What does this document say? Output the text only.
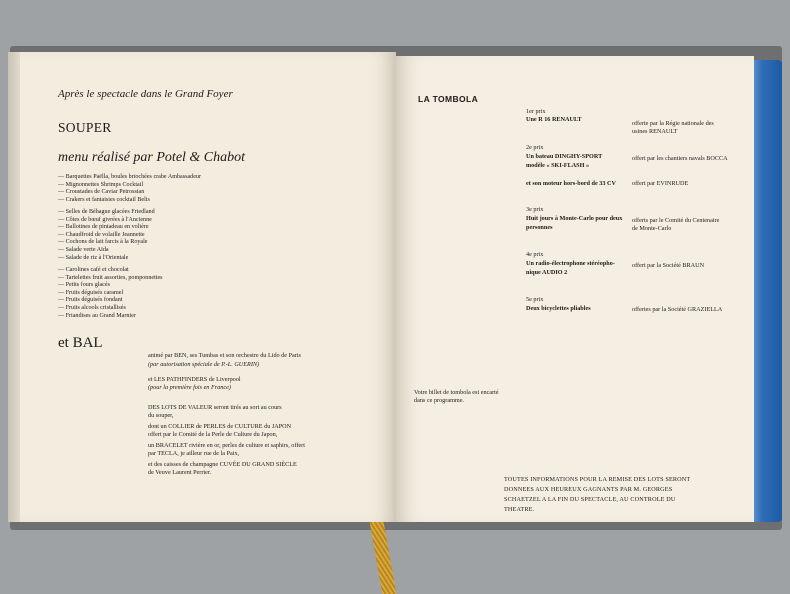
Après le spectacle dans le Grand Foyer
SOUPER
menu réalisé par Potel & Chabot
— Barquettes Paëlla, boules briochées crabe Ambassadeur
— Mignonnettes Shrimps Cocktail
— Croustades de Caviar Petrossian
— Crakers et fantaisies cocktail Belis
— Selles de Béhague glacées Friedland
— Côtes de bœuf givrées à l'Ancienne
— Ballotines de pintadeau en volière
— Chaudfroid de volaille Jeannette
— Cochons de lait farcis à la Royale
— Salade verte Aïda
— Salade de riz à l'Orientale
— Carolines café et chocolat
— Tartelettes fruit assorties, pomponnettes
— Petits fours glacés
— Fruits déguisés caramel
— Fruits déguisés fondant
— Fruits alcools cristallisés
— Friandises au Grand Marnier
et BAL
animé par BEN, ses Tumbas et son orchestre du Lido de Paris
(par autorisation spéciale de P.-L. GUERIN)
et LES PATHFINDERS de Liverpool
(pour la première fois en France)
DES LOTS DE VALEUR seront tirés au sort au cours
du souper,
dont un COLLIER de PERLES de CULTURE du JAPON
offert par le Comité de la Perle de Culture du Japon,
un BRACELET rivière en or, perles de culture et saphirs, offert
par TECLA, je ailleur rue de la Paix,
et des caisses de champagne CUVÉE DU GRAND SIÈCLE
de Veuve Laurent Perrier.
LA TOMBOLA
1er prix
Une R 16 RENAULT
offerte par la Régie nationale des
usines RENAULT
2e prix
Un bateau DINGHY-SPORT
modèle « SKI-FLASH »
offert par les chantiers navals BOCCA
et son moteur hors-bord de 33 CV	offert par EVINRUDE
3e prix
Huit jours à Monte-Carlo pour deux
personnes
offerts par le Comité du Centenaire
de Monte-Carlo
4e prix
Un radio-électrophone stéréopho-
nique AUDIO 2
offert par la Société BRAUN
5e prix
Deux bicyclettes pliables	offertes par la Société GRAZIELLA
Votre billet de tombola est encarté
dans ce programme.
TOUTES INFORMATIONS POUR LA REMISE DES LOTS SERONT
DONNEES AUX HEUREUX GAGNANTS PAR M. GEORGES
SCHAETZEL A LA FIN DU SPECTACLE, AU CONTROLE DU
THEATRE.
